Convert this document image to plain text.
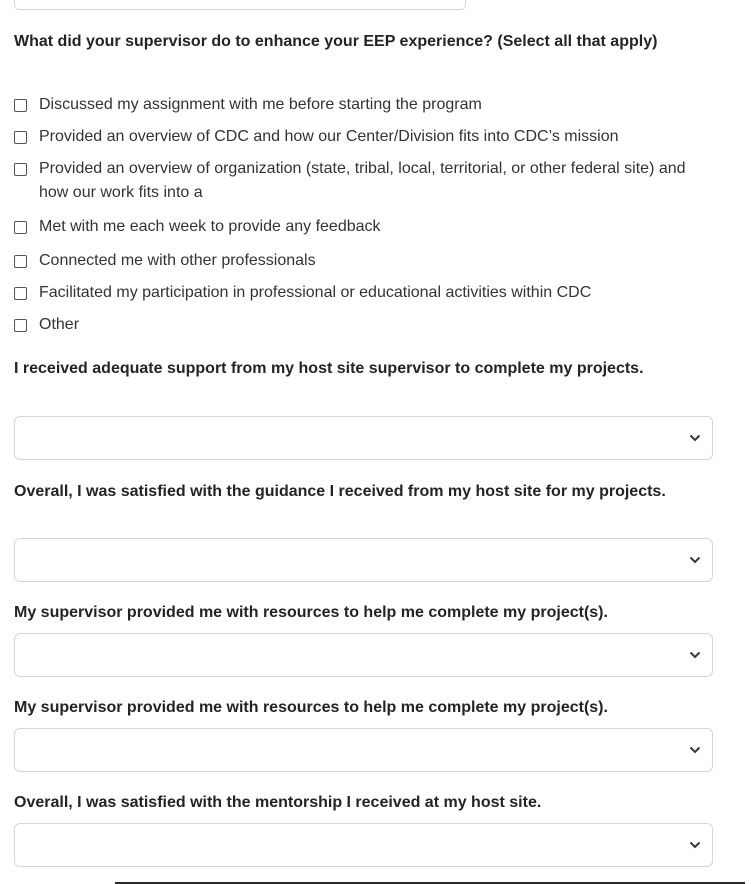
What did your supervisor do to enhance your EEP experience? (Select all that apply)

Discussed my assignment with me before starting the program
Provided an overview of CDC and how our Center/Division fits into CDC’s mission
Provided an overview of organization (state, tribal, local, territorial, or other federal site) and how our work fits into a
Met with me each week to provide any feedback
Connected me with other professionals
Facilitated my participation in professional or educational activities within CDC
Other

I received adequate support from my host site supervisor to complete my projects.

Overall, I was satisfied with the guidance I received from my host site for my projects.

My supervisor provided me with resources to help me complete my project(s).

My supervisor provided me with resources to help me complete my project(s).

Overall, I was satisfied with the mentorship I received at my host site.
